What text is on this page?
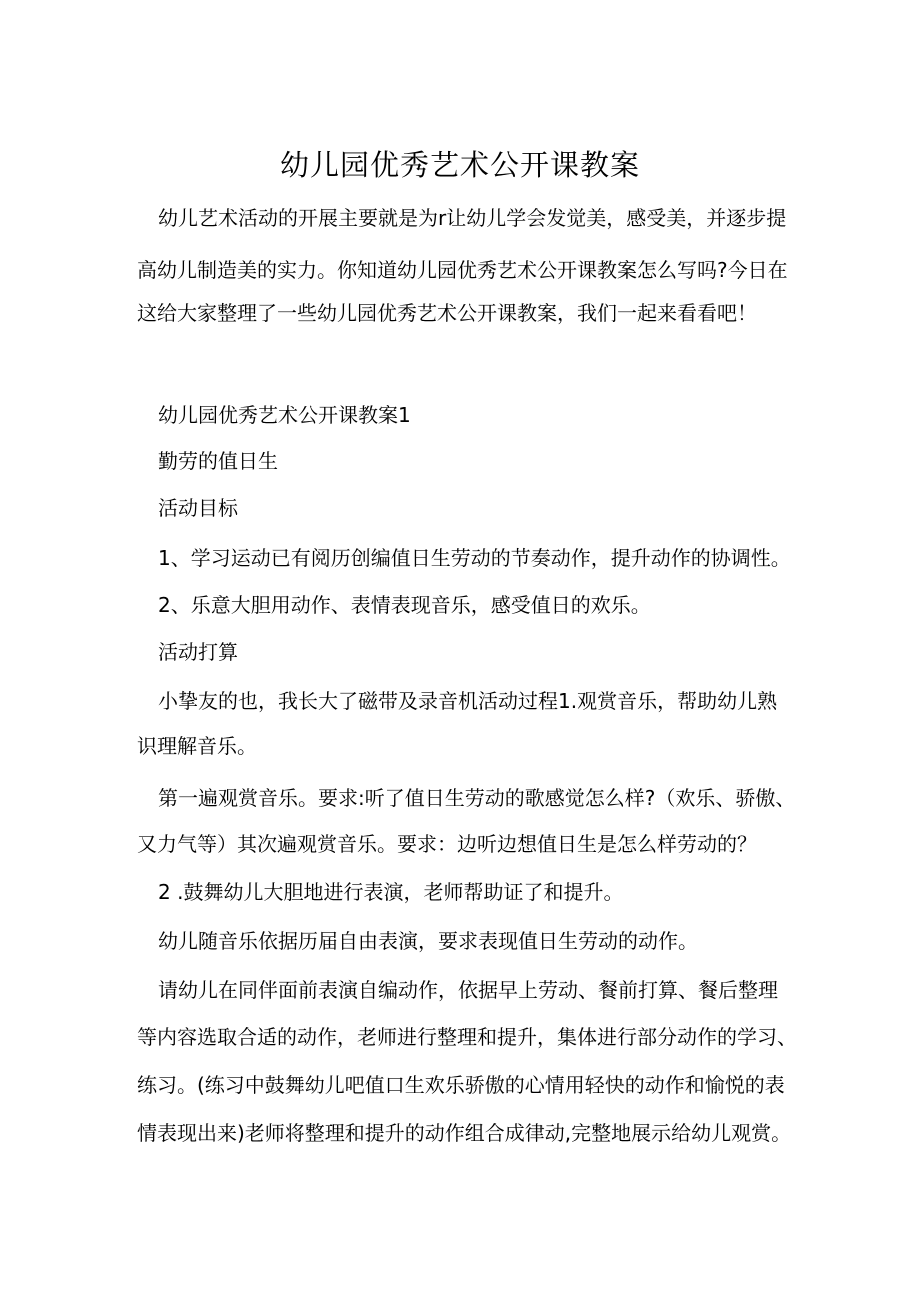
幼儿园优秀艺术公开课教案

幼儿艺术活动的开展主要就是为r让幼儿学会发觉美，感受美，并逐步提

高幼儿制造美的实力。你知道幼儿园优秀艺术公开课教案怎么写吗?今日在

这给大家整理了一些幼儿园优秀艺术公开课教案，我们一起来看看吧！

幼儿园优秀艺术公开课教案1

勤劳的值日生

活动目标

1、学习运动已有阅历创编值日生劳动的节奏动作，提升动作的协调性。

2、乐意大胆用动作、表情表现音乐，感受值日的欢乐。

活动打算

小挚友的也，我长大了磁带及录音机活动过程1.观赏音乐，帮助幼儿熟

识理解音乐。

第一遍观赏音乐。要求:听了值日生劳动的歌感觉怎么样?（欢乐、骄傲、

又力气等）其次遍观赏音乐。要求：边听边想值日生是怎么样劳动的？

2 .鼓舞幼儿大胆地进行表演，老师帮助证了和提升。

幼儿随音乐依据历届自由表演，要求表现值日生劳动的动作。

请幼儿在同伴面前表演自编动作，依据早上劳动、餐前打算、餐后整理

等内容选取合适的动作，老师进行整理和提升，集体进行部分动作的学习、

练习。(练习中鼓舞幼儿吧值口生欢乐骄傲的心情用轻快的动作和愉悦的表

情表现出来)老师将整理和提升的动作组合成律动,完整地展示给幼儿观赏。
